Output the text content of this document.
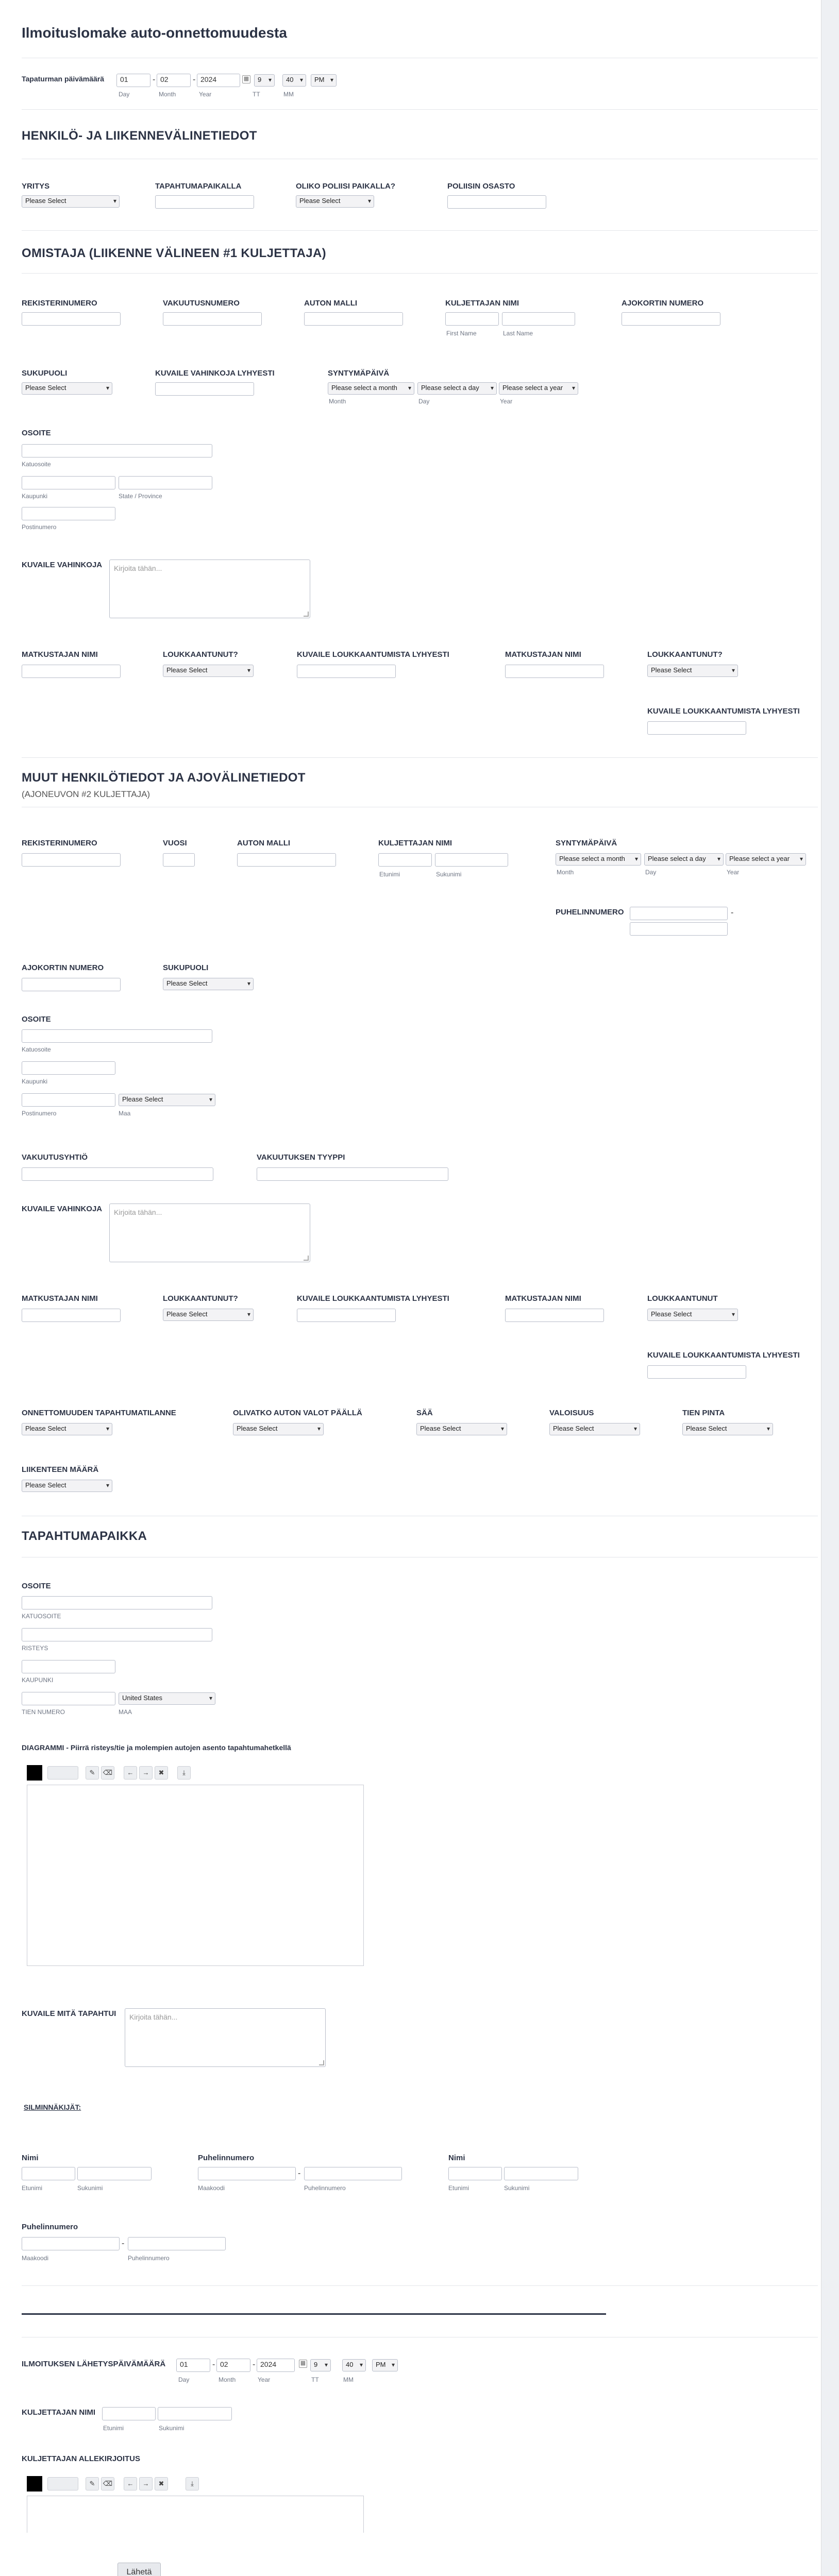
Ilmoituslomake auto-onnettomuudesta
Tapaturman päivämäärä	01	- 02	- 2024	▦
Day	Month	Year
9 ▾	40 ▾	PM ▾
TT	MM
HENKILÖ- JA LIIKENNEVÄLINETIEDOT
YRITYS
Please Select ▾
TAPAHTUMAPAIKALLA	OLIKO POLIISI PAIKALLA?
Please Select ▾
POLIISIN OSASTO
OMISTAJA (LIIKENNE VÄLINEEN #1 KULJETTAJA)
REKISTERINUMERO	VAKUUTUSNUMERO	AUTON MALLI	KULJETTAJAN NIMI
First Name	Last Name
AJOKORTIN NUMERO
SUKUPUOLI
Please Select ▾
KUVAILE VAHINKOJA LYHYESTI	SYNTYMÄPÄIVÄ
Please select a month ▾	Please select a day ▾	Please select a year ▾
Month	Day	Year
OSOITE
Katuosoite
Kaupunki	State / Province
Postinumero
KUVAILE VAHINKOJA	Kirjoita tähän...
MATKUSTAJAN NIMI	LOUKKAANTUNUT?
Please Select ▾
KUVAILE LOUKKAANTUMISTA LYHYESTI	MATKUSTAJAN NIMI	LOUKKAANTUNUT?
Please Select ▾
KUVAILE LOUKKAANTUMISTA LYHYESTI
MUUT HENKILÖTIEDOT JA AJOVÄLINETIEDOT
(AJONEUVON #2 KULJETTAJA)
REKISTERINUMERO	VUOSI	AUTON MALLI	KULJETTAJAN NIMI
Etunimi	Sukunimi
SYNTYMÄPÄIVÄ
Please select a month ▾	Please select a day ▾	Please select a year ▾
Month	Day	Year
PUHELINNUMERO	-
AJOKORTIN NUMERO	SUKUPUOLI
Please Select ▾
OSOITE
Katuosoite
Kaupunki
Please Select ▾
Postinumero	Maa
VAKUUTUSYHTIÖ	VAKUUTUKSEN TYYPPI
KUVAILE VAHINKOJA	Kirjoita tähän...
MATKUSTAJAN NIMI	LOUKKAANTUNUT?
Please Select ▾
KUVAILE LOUKKAANTUMISTA LYHYESTI	MATKUSTAJAN NIMI	LOUKKAANTUNUT
Please Select ▾
KUVAILE LOUKKAANTUMISTA LYHYESTI
ONNETTOMUUDEN TAPAHTUMATILANNE
Please Select ▾
OLIVATKO AUTON VALOT PÄÄLLÄ
Please Select ▾
SÄÄ
Please Select ▾
VALOISUUS
Please Select ▾
TIEN PINTA
Please Select ▾
LIIKENTEEN MÄÄRÄ
Please Select ▾
TAPAHTUMAPAIKKA
OSOITE
KATUOSOITE
RISTEYS
KAUPUNKI
United States ▾
TIEN NUMERO	MAA
DIAGRAMMI - Piirrä risteys/tie ja molempien autojen asento tapahtumahetkellä
✎	⌫	←	→	✖	⤓
KUVAILE MITÄ TAPAHTUI	Kirjoita tähän...
SILMINNÄKIJÄT:
Nimi
Etunimi	Sukunimi
Puhelinnumero
-
Maakoodi	Puhelinnumero
Nimi
Etunimi	Sukunimi
Puhelinnumero
-
Maakoodi	Puhelinnumero
ILMOITUKSEN LÄHETYSPÄIVÄMÄÄRÄ	01	- 02	- 2024	▦
Day	Month	Year
9 ▾	40 ▾	PM ▾
TT	MM
KULJETTAJAN NIMI
Etunimi	Sukunimi
KULJETTAJAN ALLEKIRJOITUS
✎	⌫	←	→	✖	⤓
Lähetä
